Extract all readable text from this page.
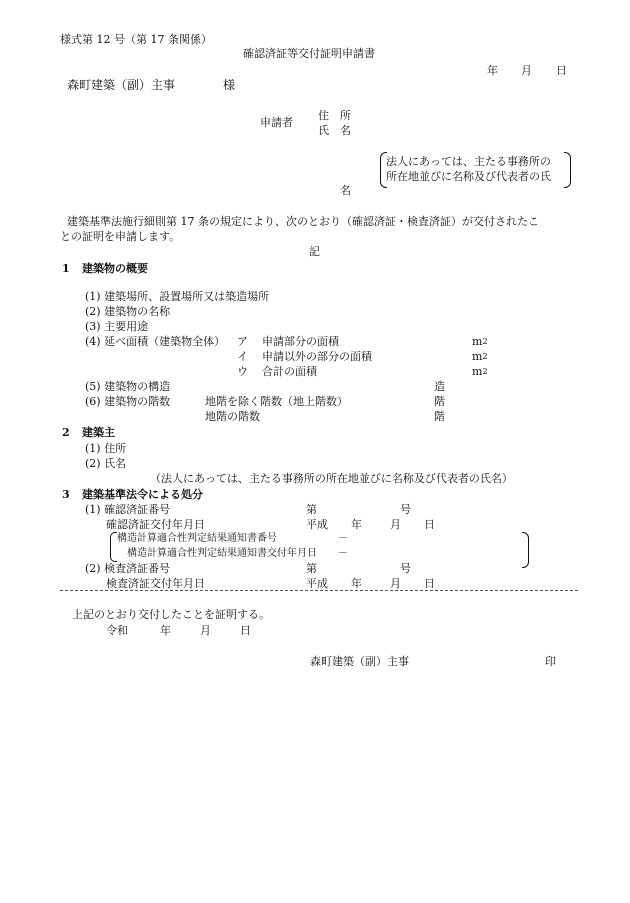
様式第 12 号（第 17 条関係）
確認済証等交付証明申請書
年 月 日
森町建築（副）主事	様
申請者
住　所
氏　名
法人にあっては、主たる事務所の
所在地並びに名称及び代表者の氏
名
建築基準法施行細則第 17 条の規定により、次のとおり（確認済証・検査済証）が交付されたこ
との証明を申請します。
記
1 建築物の概要
(1) 建築場所、設置場所又は築造場所
(2) 建築物の名称
(3) 主要用途
(4) 延べ面積（建築物全体） ア 申請部分の面積	$m^2$
イ 申請以外の部分の面積	$m^2$
ウ 合計の面積	$m^2$
(5) 建築物の構造	造
(6) 建築物の階数	地階を除く階数（地上階数）	階
地階の階数	階
2 建築主
(1) 住所
(2) 氏名
（法人にあっては、主たる事務所の所在地並びに名称及び代表者の氏名）
3 建築基準法令による処分
(1) 確認済証番号	第	号
確認済証交付年月日	平成 年	月 日
構造計算適合性判定結果通知書番号	－
構造計算適合性判定結果通知書交付年月日 －
(2) 検査済証番号	第	号
検査済証交付年月日	平成 年	月 日
上記のとおり交付したことを証明する。
令和	年	月	日
森町建築（副）主事	印
